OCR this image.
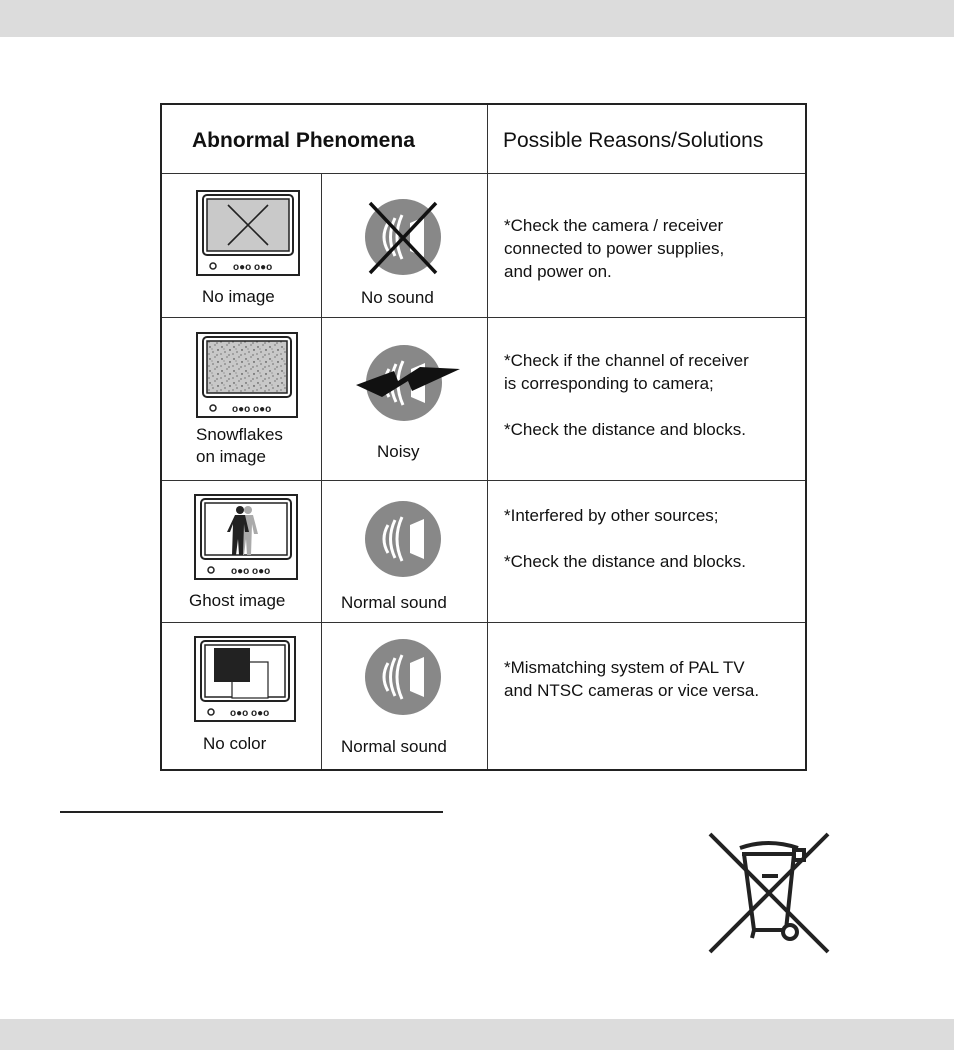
Abnormal Phenomena	Possible Reasons/Solutions
o●o o●o
No image	No sound
*Check the camera / receiver
connected to power supplies,
and power on.
o●o o●o
Snowflakes
on image	Noisy
*Check if the channel of receiver
is corresponding to camera;

*Check the distance and blocks.
o●o o●o
Ghost image	Normal sound
*Interfered by other sources;

*Check the distance and blocks.
o●o o●o
No color	Normal sound
*Mismatching system of PAL TV
and NTSC cameras or vice versa.
